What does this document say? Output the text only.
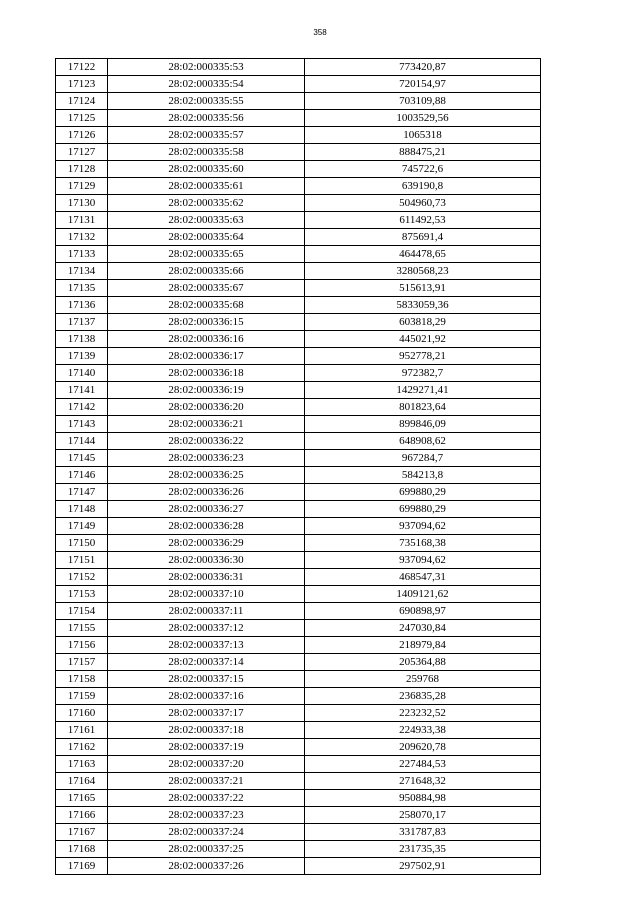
358
17122	28:02:000335:53	773420,87
17123	28:02:000335:54	720154,97
17124	28:02:000335:55	703109,88
17125	28:02:000335:56	1003529,56
17126	28:02:000335:57	1065318
17127	28:02:000335:58	888475,21
17128	28:02:000335:60	745722,6
17129	28:02:000335:61	639190,8
17130	28:02:000335:62	504960,73
17131	28:02:000335:63	611492,53
17132	28:02:000335:64	875691,4
17133	28:02:000335:65	464478,65
17134	28:02:000335:66	3280568,23
17135	28:02:000335:67	515613,91
17136	28:02:000335:68	5833059,36
17137	28:02:000336:15	603818,29
17138	28:02:000336:16	445021,92
17139	28:02:000336:17	952778,21
17140	28:02:000336:18	972382,7
17141	28:02:000336:19	1429271,41
17142	28:02:000336:20	801823,64
17143	28:02:000336:21	899846,09
17144	28:02:000336:22	648908,62
17145	28:02:000336:23	967284,7
17146	28:02:000336:25	584213,8
17147	28:02:000336:26	699880,29
17148	28:02:000336:27	699880,29
17149	28:02:000336:28	937094,62
17150	28:02:000336:29	735168,38
17151	28:02:000336:30	937094,62
17152	28:02:000336:31	468547,31
17153	28:02:000337:10	1409121,62
17154	28:02:000337:11	690898,97
17155	28:02:000337:12	247030,84
17156	28:02:000337:13	218979,84
17157	28:02:000337:14	205364,88
17158	28:02:000337:15	259768
17159	28:02:000337:16	236835,28
17160	28:02:000337:17	223232,52
17161	28:02:000337:18	224933,38
17162	28:02:000337:19	209620,78
17163	28:02:000337:20	227484,53
17164	28:02:000337:21	271648,32
17165	28:02:000337:22	950884,98
17166	28:02:000337:23	258070,17
17167	28:02:000337:24	331787,83
17168	28:02:000337:25	231735,35
17169	28:02:000337:26	297502,91
